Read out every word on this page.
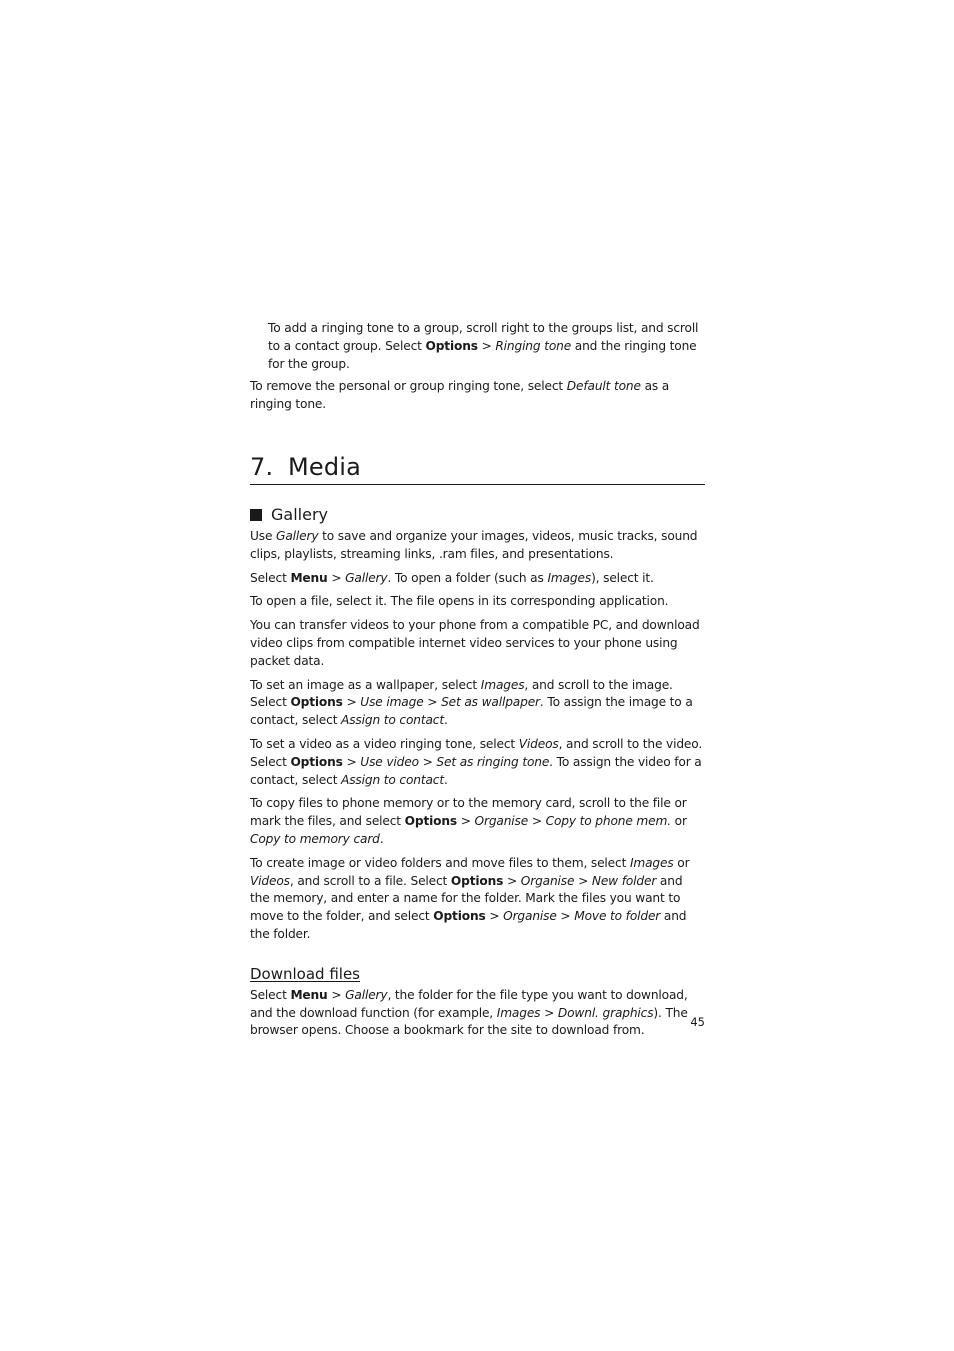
To add a ringing tone to a group, scroll right to the groups list, and scroll to a contact group. Select Options > Ringing tone and the ringing tone for the group.

To remove the personal or group ringing tone, select Default tone as a ringing tone.

7. Media
Gallery

Use Gallery to save and organize your images, videos, music tracks, sound clips, playlists, streaming links, .ram files, and presentations.

Select Menu > Gallery. To open a folder (such as Images), select it.

To open a file, select it. The file opens in its corresponding application.

You can transfer videos to your phone from a compatible PC, and download video clips from compatible internet video services to your phone using packet data.

To set an image as a wallpaper, select Images, and scroll to the image. Select Options > Use image > Set as wallpaper. To assign the image to a contact, select Assign to contact.

To set a video as a video ringing tone, select Videos, and scroll to the video. Select Options > Use video > Set as ringing tone. To assign the video for a contact, select Assign to contact.

To copy files to phone memory or to the memory card, scroll to the file or mark the files, and select Options > Organise > Copy to phone mem. or Copy to memory card.

To create image or video folders and move files to them, select Images or Videos, and scroll to a file. Select Options > Organise > New folder and the memory, and enter a name for the folder. Mark the files you want to move to the folder, and select Options > Organise > Move to folder and the folder.

Download files

Select Menu > Gallery, the folder for the file type you want to download, and the download function (for example, Images > Downl. graphics). The browser opens. Choose a bookmark for the site to download from.

45
